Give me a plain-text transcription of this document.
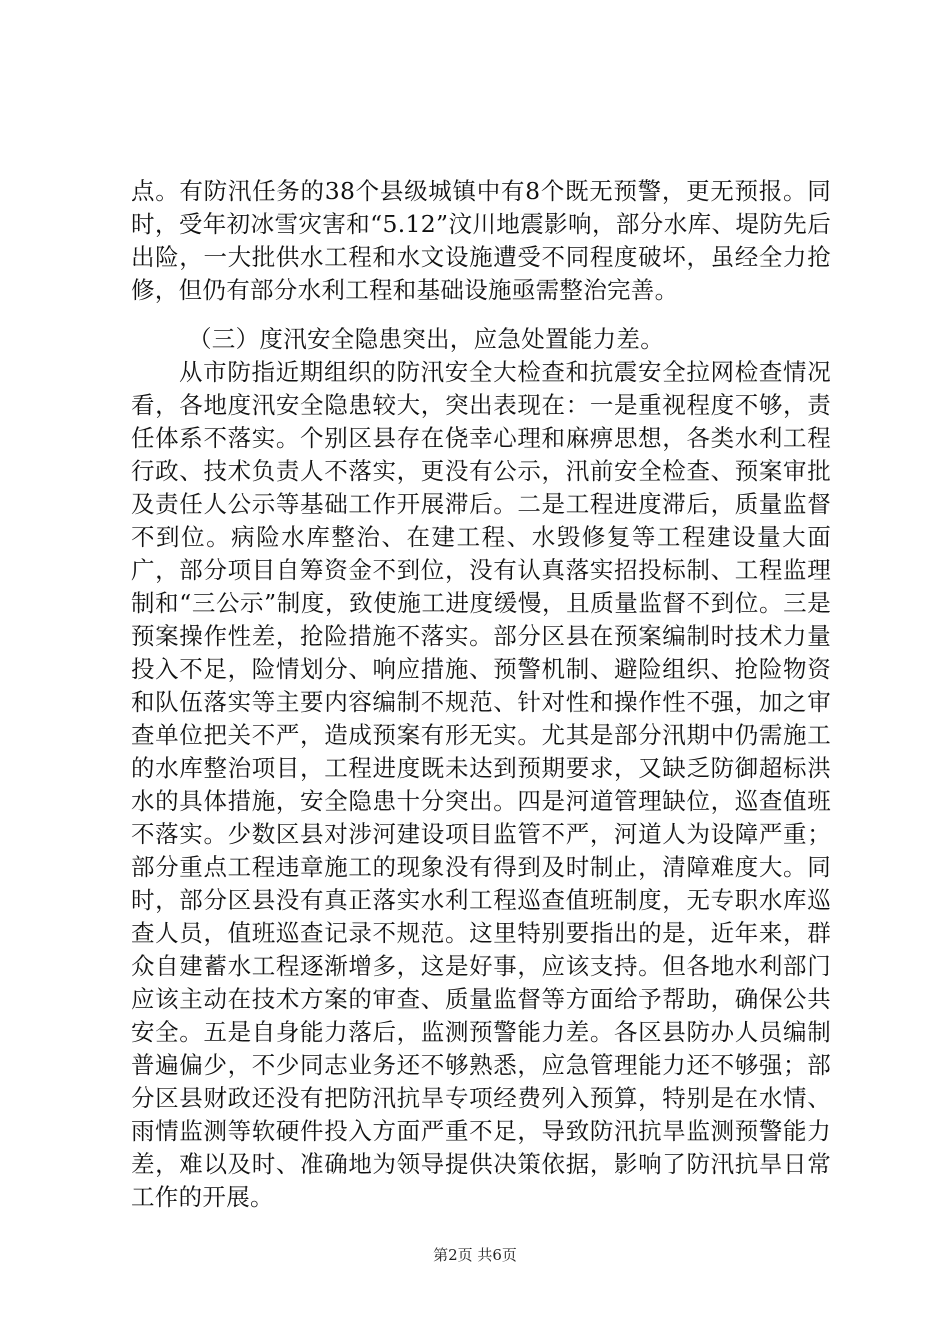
点。有防汛任务的38个县级城镇中有8个既无预警，更无预报。同时，受年初冰雪灾害和“5.12”汶川地震影响，部分水库、堤防先后出险，一大批供水工程和水文设施遭受不同程度破坏，虽经全力抢修，但仍有部分水利工程和基础设施亟需整治完善。

（三）度汛安全隐患突出，应急处置能力差。

从市防指近期组织的防汛安全大检查和抗震安全拉网检查情况看，各地度汛安全隐患较大，突出表现在：一是重视程度不够，责任体系不落实。个别区县存在侥幸心理和麻痹思想，各类水利工程行政、技术负责人不落实，更没有公示，汛前安全检查、预案审批及责任人公示等基础工作开展滞后。二是工程进度滞后，质量监督不到位。病险水库整治、在建工程、水毁修复等工程建设量大面广，部分项目自筹资金不到位，没有认真落实招投标制、工程监理制和“三公示”制度，致使施工进度缓慢，且质量监督不到位。三是预案操作性差，抢险措施不落实。部分区县在预案编制时技术力量投入不足，险情划分、响应措施、预警机制、避险组织、抢险物资和队伍落实等主要内容编制不规范、针对性和操作性不强，加之审查单位把关不严，造成预案有形无实。尤其是部分汛期中仍需施工的水库整治项目，工程进度既未达到预期要求，又缺乏防御超标洪水的具体措施，安全隐患十分突出。四是河道管理缺位，巡查值班不落实。少数区县对涉河建设项目监管不严，河道人为设障严重；部分重点工程违章施工的现象没有得到及时制止，清障难度大。同时，部分区县没有真正落实水利工程巡查值班制度，无专职水库巡查人员，值班巡查记录不规范。这里特别要指出的是，近年来，群众自建蓄水工程逐渐增多，这是好事，应该支持。但各地水利部门应该主动在技术方案的审查、质量监督等方面给予帮助，确保公共安全。五是自身能力落后，监测预警能力差。各区县防办人员编制普遍偏少，不少同志业务还不够熟悉，应急管理能力还不够强；部分区县财政还没有把防汛抗旱专项经费列入预算，特别是在水情、雨情监测等软硬件投入方面严重不足，导致防汛抗旱监测预警能力差，难以及时、准确地为领导提供决策依据，影响了防汛抗旱日常工作的开展。

第2页 共6页
